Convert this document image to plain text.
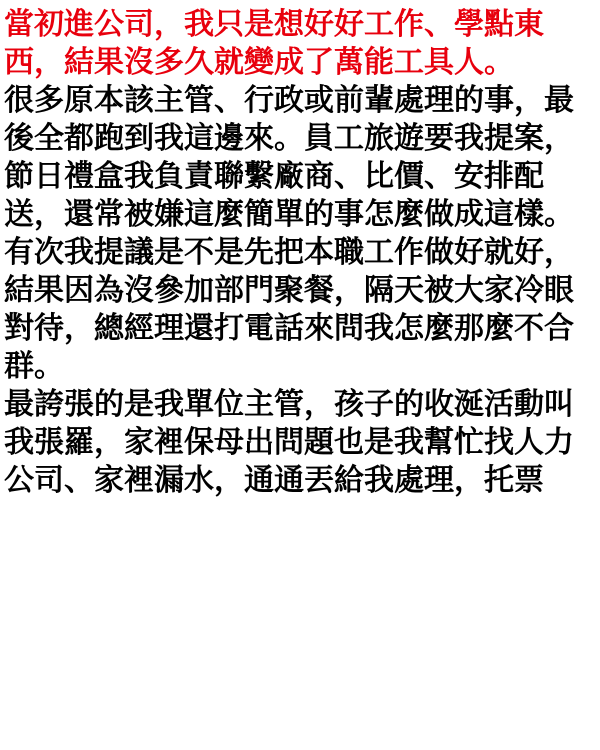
當初進公司，我只是想好好工作、學點東西，結果沒多久就變成了萬能工具人。

很多原本該主管、行政或前輩處理的事，最後全都跑到我這邊來。員工旅遊要我提案，節日禮盒我負責聯繫廠商、比價、安排配送，還常被嫌這麼簡單的事怎麼做成這樣。

有次我提議是不是先把本職工作做好就好，結果因為沒參加部門聚餐，隔天被大家冷眼對待，總經理還打電話來問我怎麼那麼不合群。

最誇張的是我單位主管，孩子的收涎活動叫我張羅，家裡保母出問題也是我幫忙找人力公司、家裡漏水，通通丟給我處理，托票
